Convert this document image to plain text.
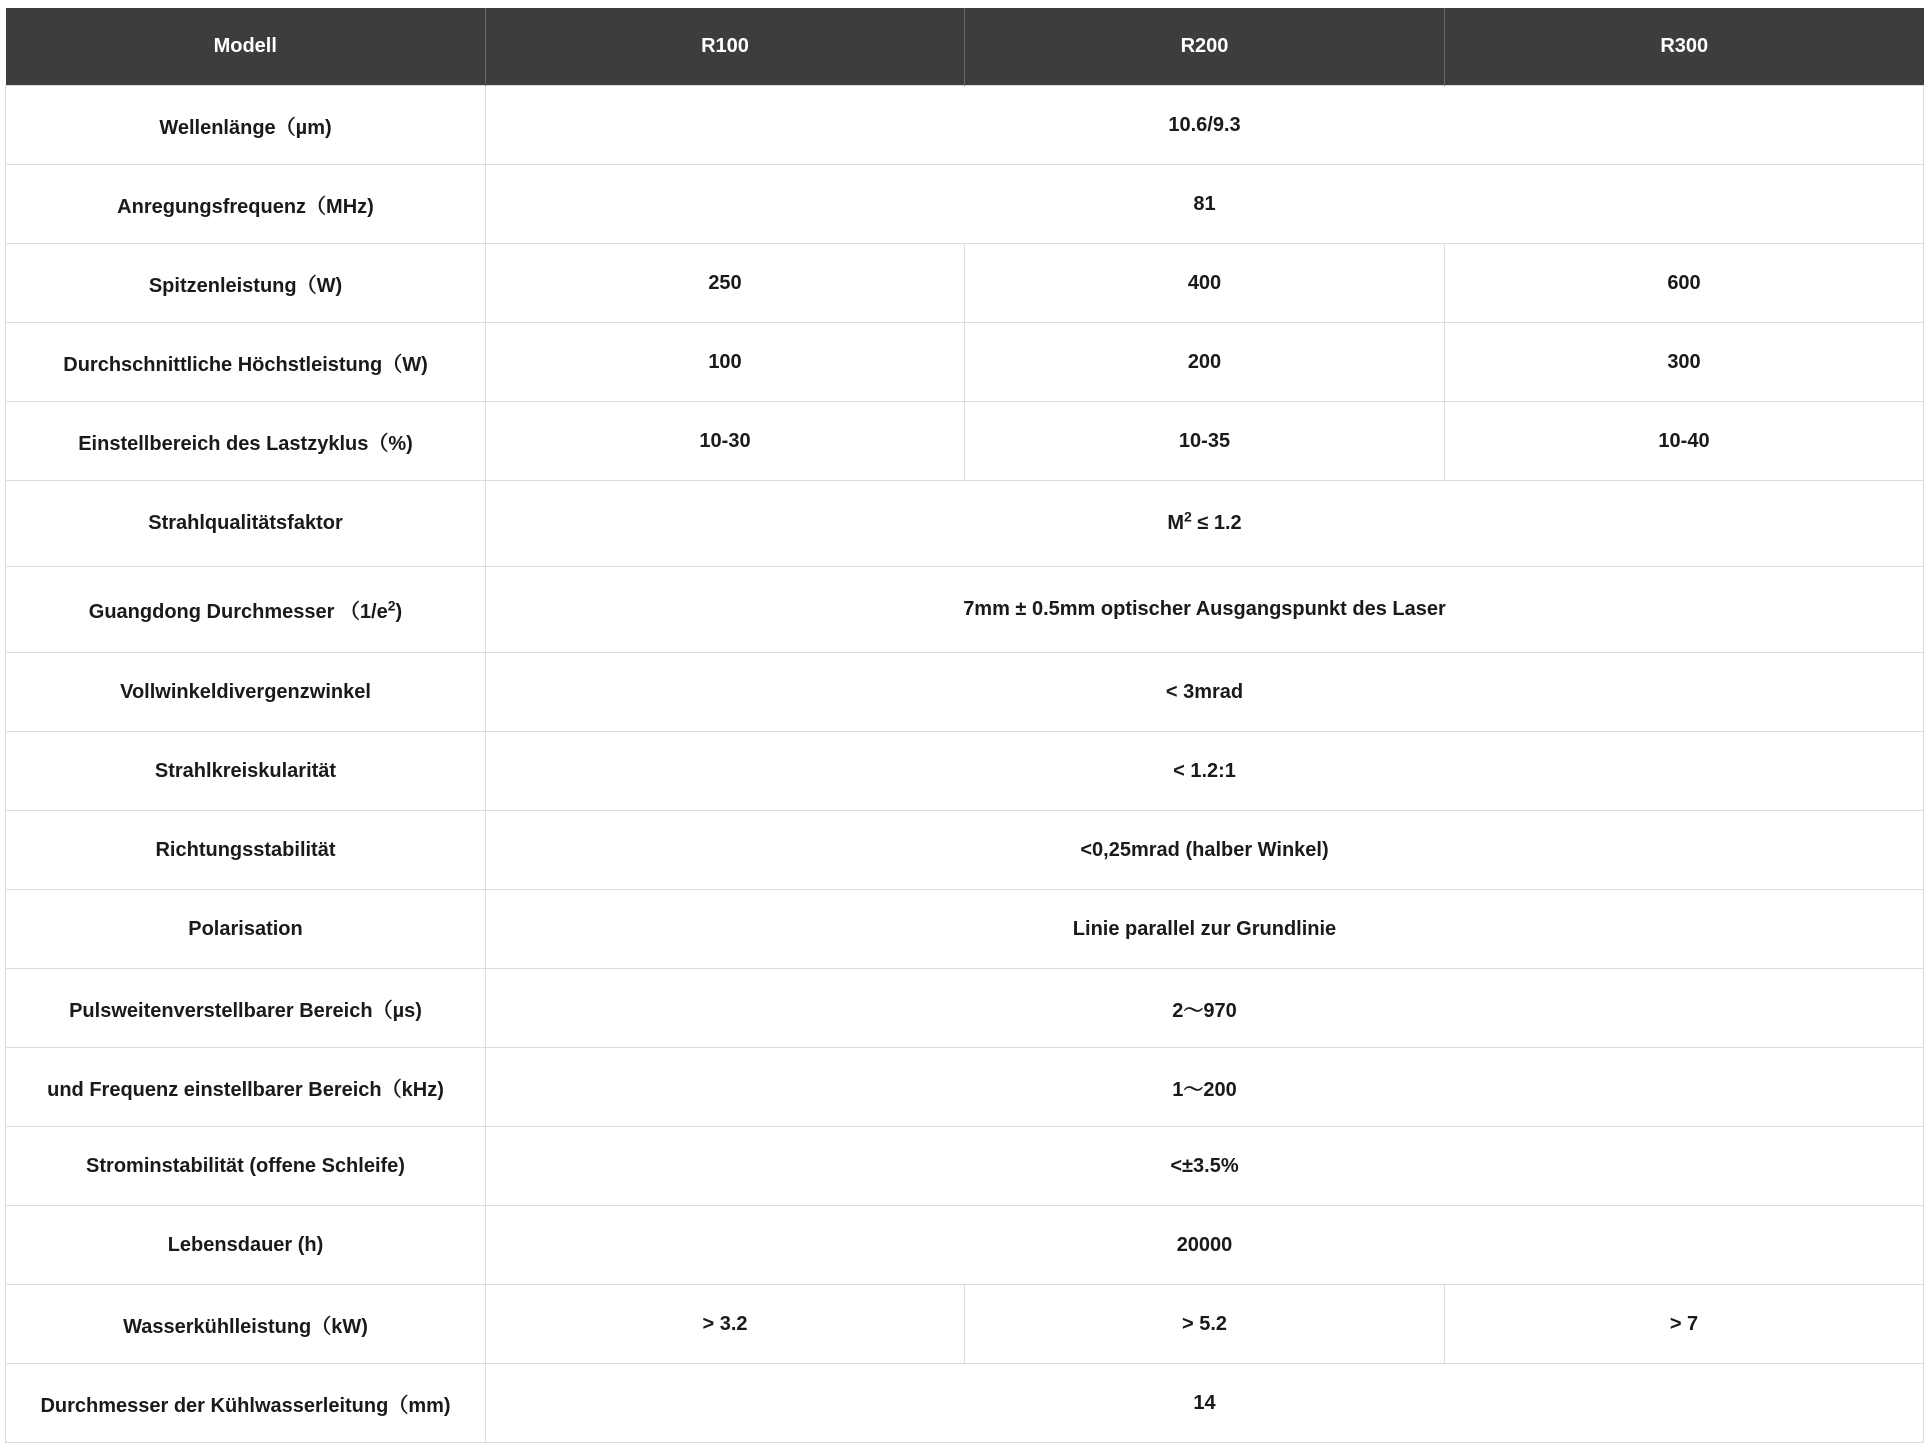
Modell	R100	R200	R300
Wellenlänge（µm)	10.6/9.3		
Anregungsfrequenz（MHz)	81		
Spitzenleistung（W)	250	400	600
Durchschnittliche Höchstleistung（W)	100	200	300
Einstellbereich des Lastzyklus（%)	10-30	10-35	10-40
Strahlqualitätsfaktor	$M^2 \le 1.2$		
Guangdong Durchmesser $(1/e^2)$	7mm ± 0.5mm optischer Ausgangspunkt des Laser		
Vollwinkeldivergenzwinkel	< 3mrad		
Strahlkreiskularität	< 1.2:1		
Richtungsstabilität	<0,25mrad (halber Winkel)		
Polarisation	Linie parallel zur Grundlinie		
Pulsweitenverstellbarer Bereich（µs)	2～970		
und Frequenz einstellbarer Bereich（kHz)	1～200		
Strominstabilität (offene Schleife)	<±3.5%		
Lebensdauer (h)	20000		
Wasserkühlleistung（kW)	> 3.2	> 5.2	> 7
Durchmesser der Kühlwasserleitung（mm)	14		
